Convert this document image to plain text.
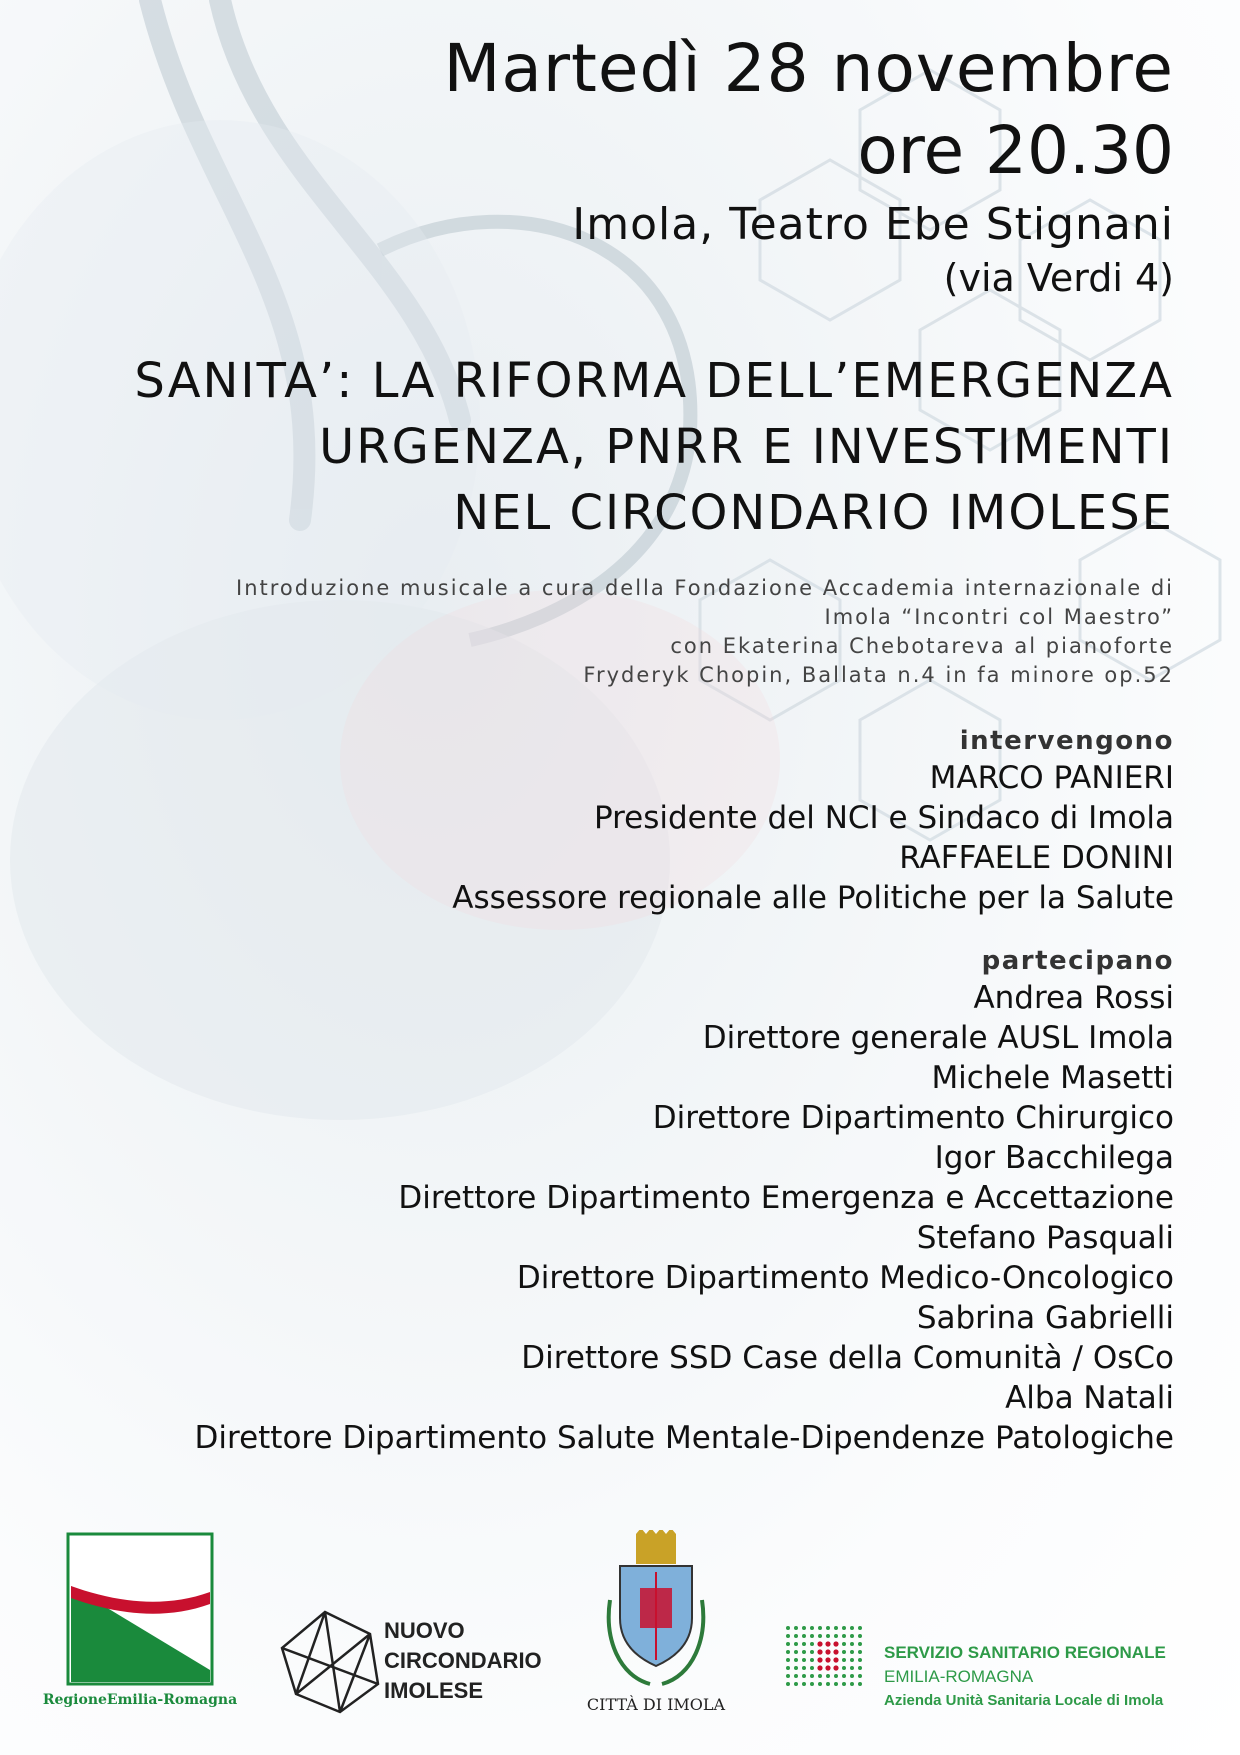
Martedì 28 novembre
ore 20.30
Imola, Teatro Ebe Stignani
(via Verdi 4)
SANITA’: LA RIFORMA DELL’EMERGENZA
URGENZA, PNRR E INVESTIMENTI
NEL CIRCONDARIO IMOLESE
Introduzione musicale a cura della Fondazione Accademia internazionale di
Imola “Incontri col Maestro”
con Ekaterina Chebotareva al pianoforte
Fryderyk Chopin, Ballata n.4 in fa minore op.52
intervengono
MARCO PANIERI
Presidente del NCI e Sindaco di Imola
RAFFAELE DONINI
Assessore regionale alle Politiche per la Salute
partecipano
Andrea Rossi
Direttore generale AUSL Imola
Michele Masetti
Direttore Dipartimento Chirurgico
Igor Bacchilega
Direttore Dipartimento Emergenza e Accettazione
Stefano Pasquali
Direttore Dipartimento Medico-Oncologico
Sabrina Gabrielli
Direttore SSD Case della Comunità / OsCo
Alba Natali
Direttore Dipartimento Salute Mentale-Dipendenze Patologiche
RegioneEmilia-Romagna
NUOVO
CIRCONDARIO
IMOLESE
CITTÀ DI IMOLA
SERVIZIO SANITARIO REGIONALE
EMILIA-ROMAGNA
Azienda Unità Sanitaria Locale di Imola
